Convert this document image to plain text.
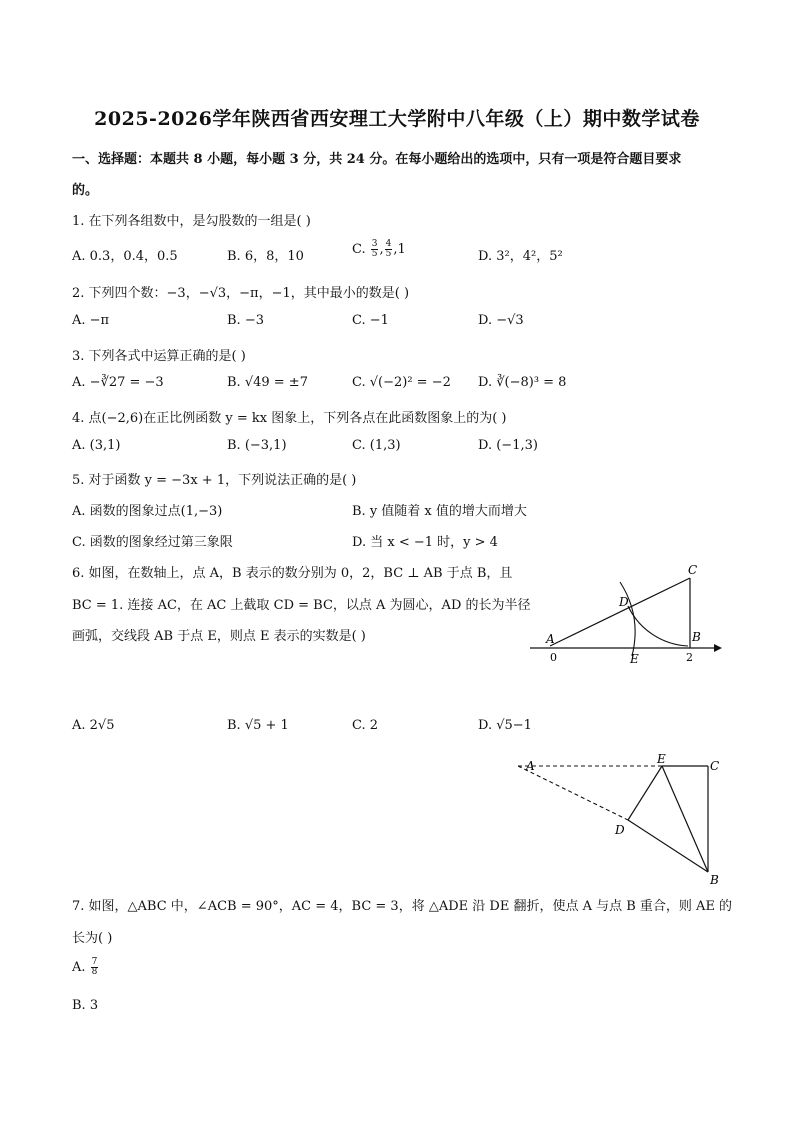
2025-2026学年陕西省西安理工大学附中八年级（上）期中数学试卷
一、选择题：本题共 8 小题，每小题 3 分，共 24 分。在每小题给出的选项中，只有一项是符合题目要求
的。
1. 在下列各组数中，是勾股数的一组是( )
A. 0.3，0.4，0.5	B. 6，8，10	C. $\frac{3}{5}$ , $\frac{4}{5} ,1$	D. 3²，4²，5²
2. 下列四个数：−3，−√3，−π，−1，其中最小的数是( )
A. −π	B. −3	C. −1	D. −√3
3. 下列各式中运算正确的是( )
A. −∛27 = −3	B. √49 = ±7	C. √(−2)² = −2 D. ∛(−8)³ = 8
4. 点(−2,6)在正比例函数 y = kx 图象上，下列各点在此函数图象上的为( )
A. (3,1)	B. (−3,1)	C. (1,3)	D. (−1,3)
5. 对于函数 y = −3x + 1，下列说法正确的是( )
A. 函数的图象过点(1,−3)	B. y 值随着 x 值的增大而增大
C. 函数的图象经过第三象限	D. 当 x < −1 时，y > 4
6. 如图，在数轴上，点 A，B 表示的数分别为 0，2，BC ⊥ AB 于点 B，且
BC = 1. 连接 AC，在 AC 上截取 CD = BC，以点 A 为圆心，AD 的长为半径
画弧，交线段 AB 于点 E，则点 E 表示的实数是( )
C
D
A	B
E
0	2
A. 2√5	B. √5 + 1	C. 2	D. √5−1
A	E	C
D
B
7. 如图，△ABC 中，∠ACB = 90°，AC = 4，BC = 3，将 △ADE 沿 DE 翻折，使点 A 与点 B 重合，则 AE 的
长为( )
A. $\frac{7}{8}$
B. 3
